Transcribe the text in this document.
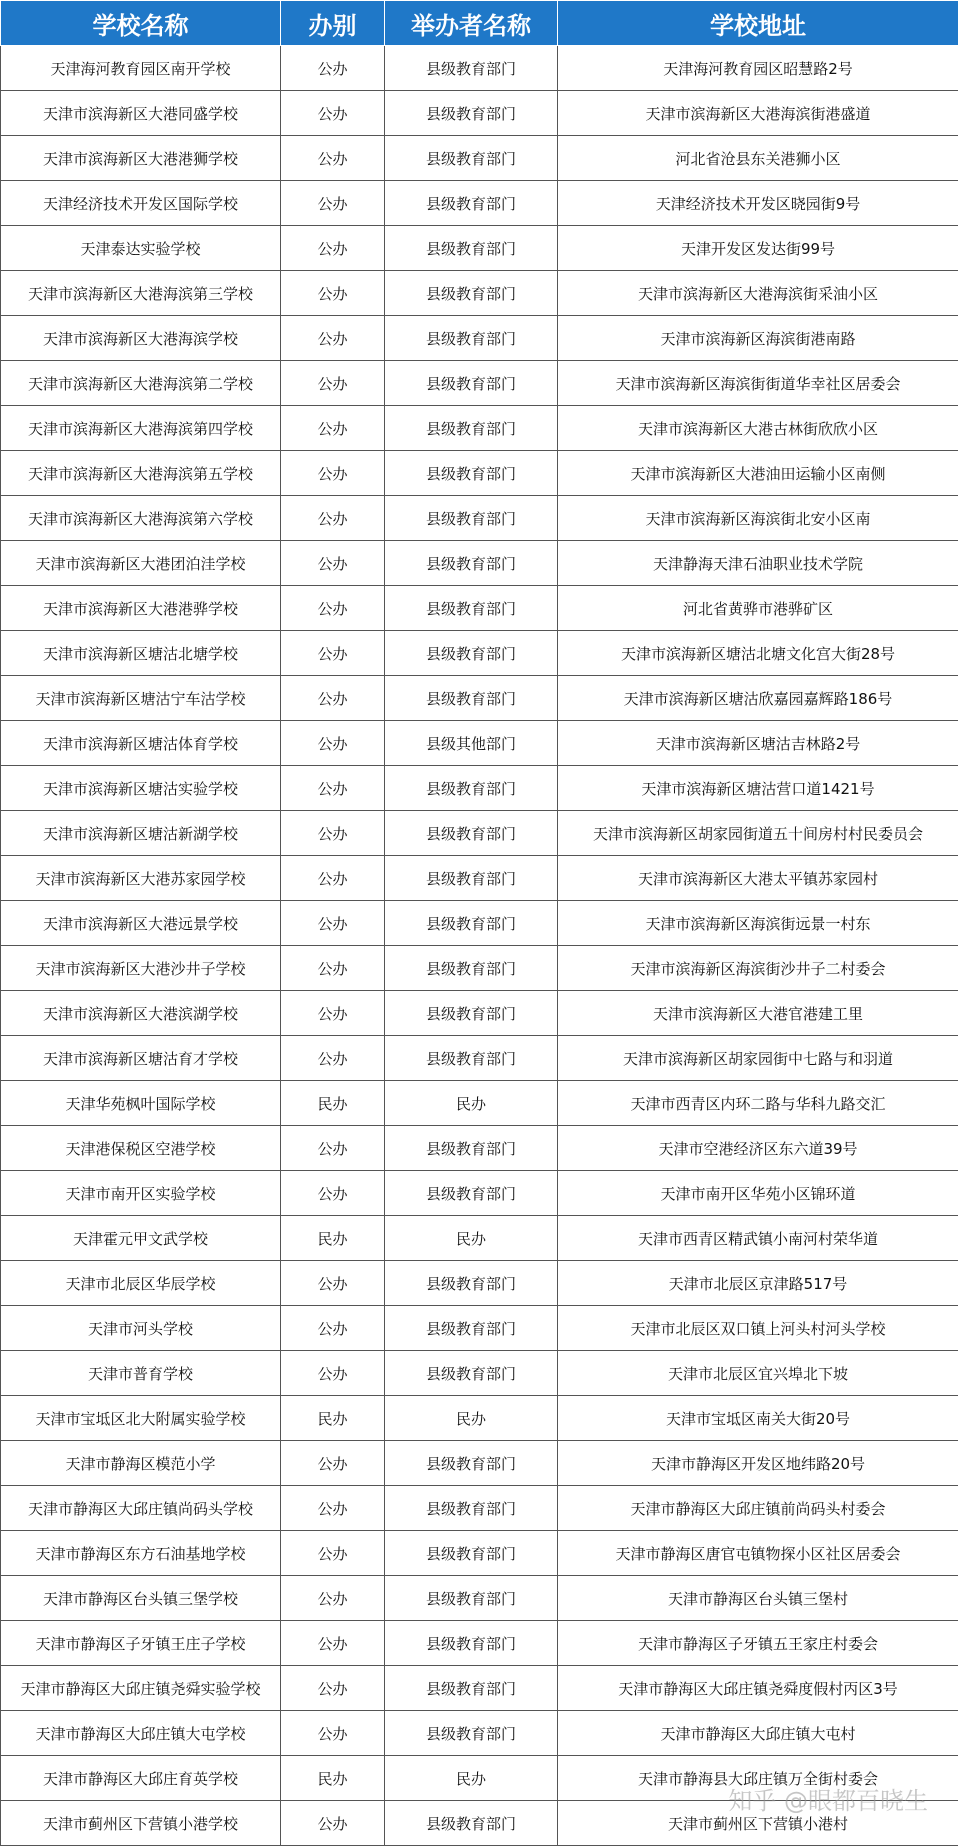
学校名称	办别	举办者名称	学校地址
天津海河教育园区南开学校	公办	县级教育部门	天津海河教育园区昭慧路2号
天津市滨海新区大港同盛学校	公办	县级教育部门	天津市滨海新区大港海滨街港盛道
天津市滨海新区大港港狮学校	公办	县级教育部门	河北省沧县东关港狮小区
天津经济技术开发区国际学校	公办	县级教育部门	天津经济技术开发区晓园街9号
天津泰达实验学校	公办	县级教育部门	天津开发区发达街99号
天津市滨海新区大港海滨第三学校	公办	县级教育部门	天津市滨海新区大港海滨街采油小区
天津市滨海新区大港海滨学校	公办	县级教育部门	天津市滨海新区海滨街港南路
天津市滨海新区大港海滨第二学校	公办	县级教育部门	天津市滨海新区海滨街街道华幸社区居委会
天津市滨海新区大港海滨第四学校	公办	县级教育部门	天津市滨海新区大港古林街欣欣小区
天津市滨海新区大港海滨第五学校	公办	县级教育部门	天津市滨海新区大港油田运输小区南侧
天津市滨海新区大港海滨第六学校	公办	县级教育部门	天津市滨海新区海滨街北安小区南
天津市滨海新区大港团泊洼学校	公办	县级教育部门	天津静海天津石油职业技术学院
天津市滨海新区大港港骅学校	公办	县级教育部门	河北省黄骅市港骅矿区
天津市滨海新区塘沽北塘学校	公办	县级教育部门	天津市滨海新区塘沽北塘文化宫大街28号
天津市滨海新区塘沽宁车沽学校	公办	县级教育部门	天津市滨海新区塘沽欣嘉园嘉辉路186号
天津市滨海新区塘沽体育学校	公办	县级其他部门	天津市滨海新区塘沽吉林路2号
天津市滨海新区塘沽实验学校	公办	县级教育部门	天津市滨海新区塘沽营口道1421号
天津市滨海新区塘沽新湖学校	公办	县级教育部门	天津市滨海新区胡家园街道五十间房村村民委员会
天津市滨海新区大港苏家园学校	公办	县级教育部门	天津市滨海新区大港太平镇苏家园村
天津市滨海新区大港远景学校	公办	县级教育部门	天津市滨海新区海滨街远景一村东
天津市滨海新区大港沙井子学校	公办	县级教育部门	天津市滨海新区海滨街沙井子二村委会
天津市滨海新区大港滨湖学校	公办	县级教育部门	天津市滨海新区大港官港建工里
天津市滨海新区塘沽育才学校	公办	县级教育部门	天津市滨海新区胡家园街中七路与和羽道
天津华苑枫叶国际学校	民办	民办	天津市西青区内环二路与华科九路交汇
天津港保税区空港学校	公办	县级教育部门	天津市空港经济区东六道39号
天津市南开区实验学校	公办	县级教育部门	天津市南开区华苑小区锦环道
天津霍元甲文武学校	民办	民办	天津市西青区精武镇小南河村荣华道
天津市北辰区华辰学校	公办	县级教育部门	天津市北辰区京津路517号
天津市河头学校	公办	县级教育部门	天津市北辰区双口镇上河头村河头学校
天津市普育学校	公办	县级教育部门	天津市北辰区宜兴埠北下坡
天津市宝坻区北大附属实验学校	民办	民办	天津市宝坻区南关大街20号
天津市静海区模范小学	公办	县级教育部门	天津市静海区开发区地纬路20号
天津市静海区大邱庄镇尚码头学校	公办	县级教育部门	天津市静海区大邱庄镇前尚码头村委会
天津市静海区东方石油基地学校	公办	县级教育部门	天津市静海区唐官屯镇物探小区社区居委会
天津市静海区台头镇三堡学校	公办	县级教育部门	天津市静海区台头镇三堡村
天津市静海区子牙镇王庄子学校	公办	县级教育部门	天津市静海区子牙镇五王家庄村委会
天津市静海区大邱庄镇尧舜实验学校	公办	县级教育部门	天津市静海区大邱庄镇尧舜度假村丙区3号
天津市静海区大邱庄镇大屯学校	公办	县级教育部门	天津市静海区大邱庄镇大屯村
天津市静海区大邱庄育英学校	民办	民办	天津市静海县大邱庄镇万全街村委会
天津市蓟州区下营镇小港学校	公办	县级教育部门	天津市蓟州区下营镇小港村
知乎 @眼都百晓生
